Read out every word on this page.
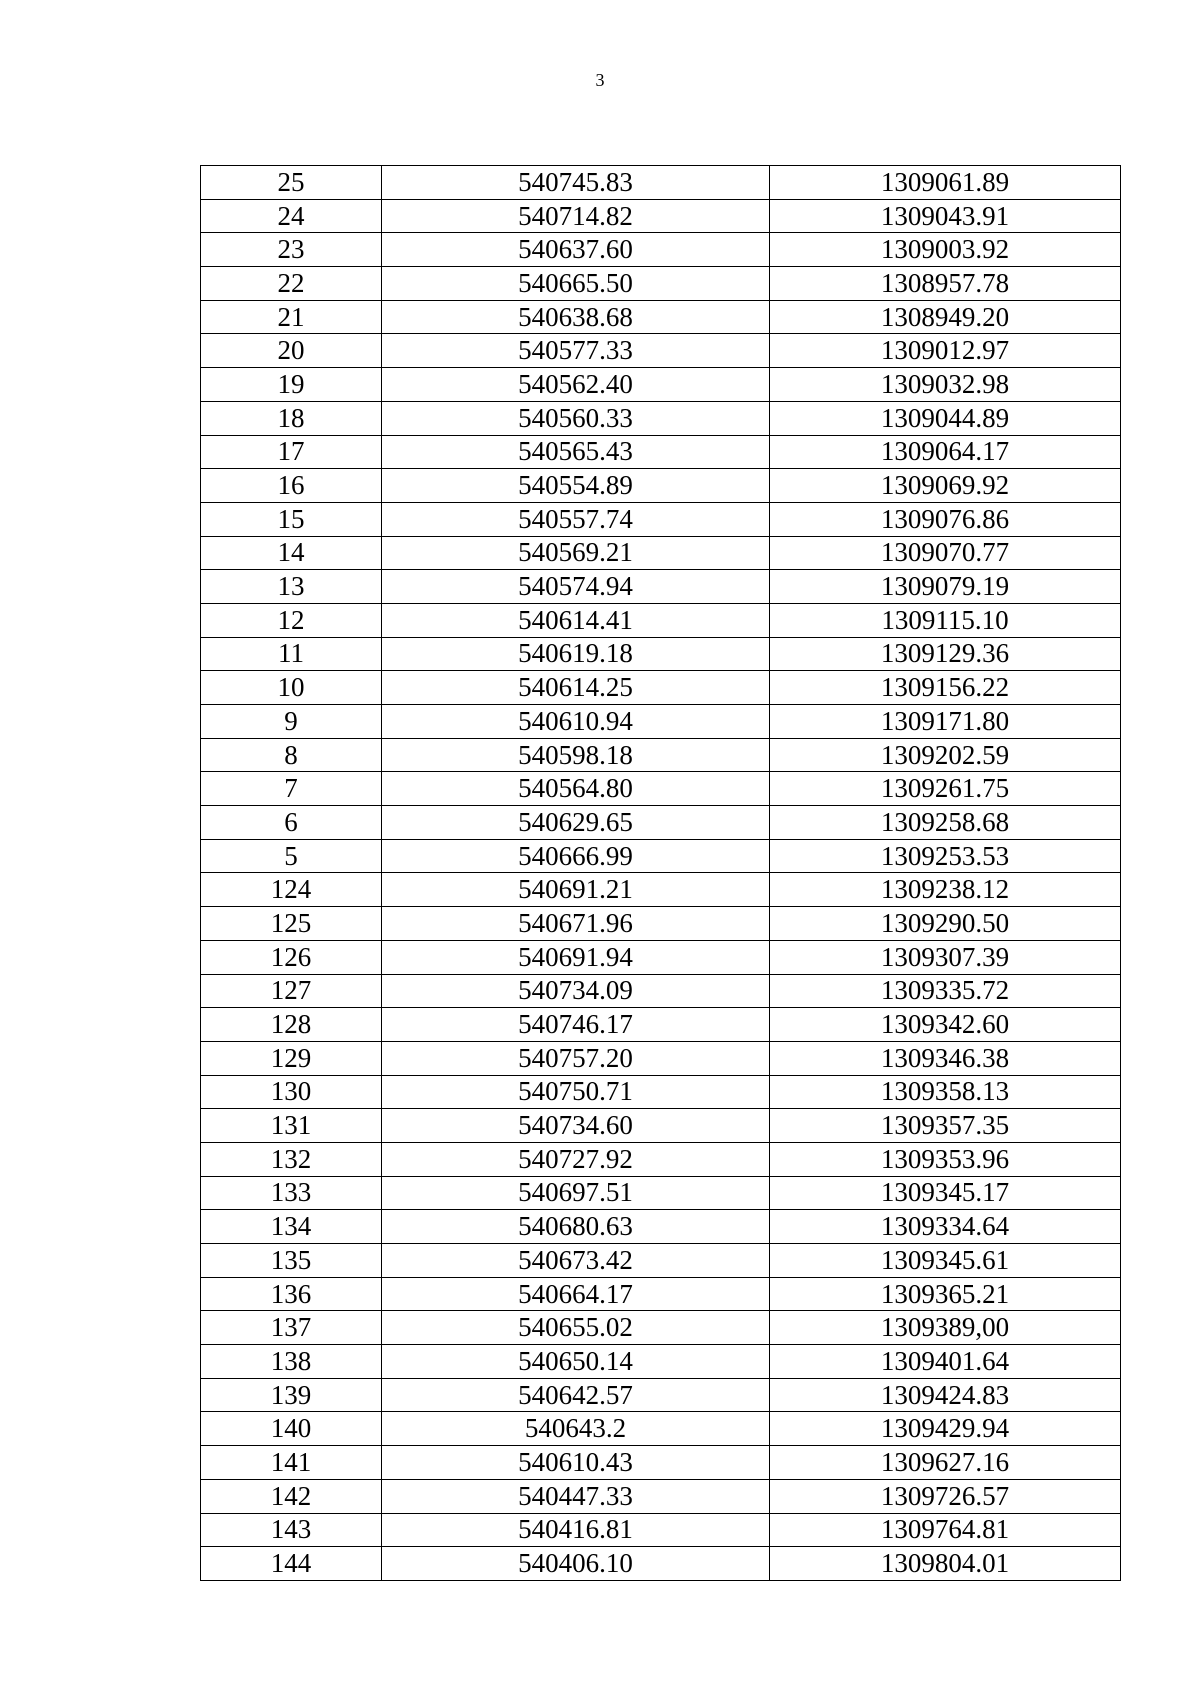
3
25	540745.83	1309061.89
24	540714.82	1309043.91
23	540637.60	1309003.92
22	540665.50	1308957.78
21	540638.68	1308949.20
20	540577.33	1309012.97
19	540562.40	1309032.98
18	540560.33	1309044.89
17	540565.43	1309064.17
16	540554.89	1309069.92
15	540557.74	1309076.86
14	540569.21	1309070.77
13	540574.94	1309079.19
12	540614.41	1309115.10
11	540619.18	1309129.36
10	540614.25	1309156.22
9	540610.94	1309171.80
8	540598.18	1309202.59
7	540564.80	1309261.75
6	540629.65	1309258.68
5	540666.99	1309253.53
124	540691.21	1309238.12
125	540671.96	1309290.50
126	540691.94	1309307.39
127	540734.09	1309335.72
128	540746.17	1309342.60
129	540757.20	1309346.38
130	540750.71	1309358.13
131	540734.60	1309357.35
132	540727.92	1309353.96
133	540697.51	1309345.17
134	540680.63	1309334.64
135	540673.42	1309345.61
136	540664.17	1309365.21
137	540655.02	1309389,00
138	540650.14	1309401.64
139	540642.57	1309424.83
140	540643.2	1309429.94
141	540610.43	1309627.16
142	540447.33	1309726.57
143	540416.81	1309764.81
144	540406.10	1309804.01
